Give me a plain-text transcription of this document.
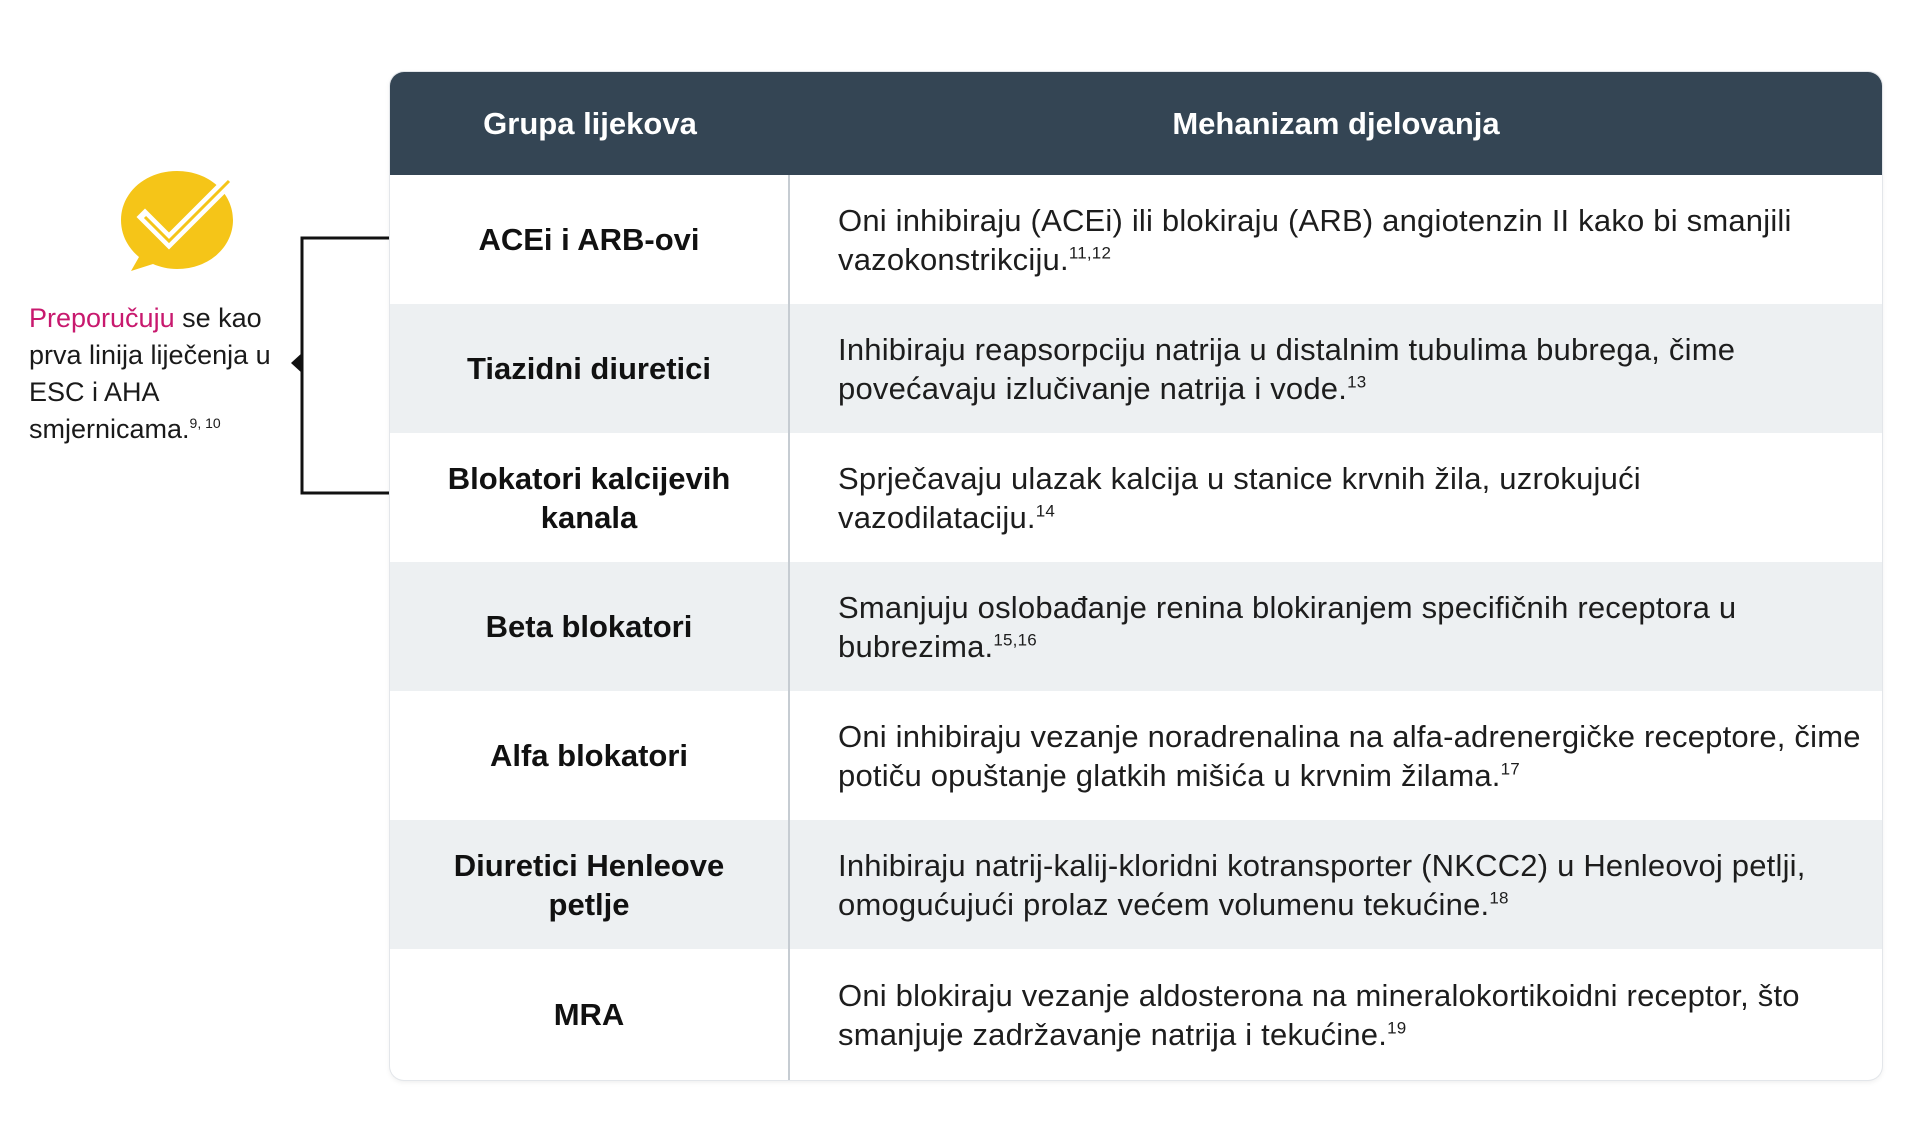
Preporučuju se kao prva linija liječenja u ESC i AHA smjernicama.$^{9, 10}$
Grupa lijekova	Mehanizam djelovanja
ACEi i ARB-ovi
Oni inhibiraju (ACEi) ili blokiraju (ARB) angiotenzin II kako bi smanjili vazokonstrikciju.$^{11,12}$
Tiazidni diuretici
Inhibiraju reapsorpciju natrija u distalnim tubulima bubrega, čime povećavaju izlučivanje natrija i vode.$^{13}$
Blokatori kalcijevih kanala
Sprječavaju ulazak kalcija u stanice krvnih žila, uzrokujući vazodilataciju.$^{14}$
Beta blokatori
Smanjuju oslobađanje renina blokiranjem specifičnih receptora u bubrezima.$^{15,16}$
Alfa blokatori
Oni inhibiraju vezanje noradrenalina na alfa-adrenergičke receptore, čime potiču opuštanje glatkih mišića u krvnim žilama.$^{17}$
Diuretici Henleove petlje
Inhibiraju natrij-kalij-kloridni kotransporter (NKCC2) u Henleovoj petlji, omogućujući prolaz većem volumenu tekućine.$^{18}$
MRA
Oni blokiraju vezanje aldosterona na mineralokortikoidni receptor, što smanjuje zadržavanje natrija i tekućine.$^{19}$
